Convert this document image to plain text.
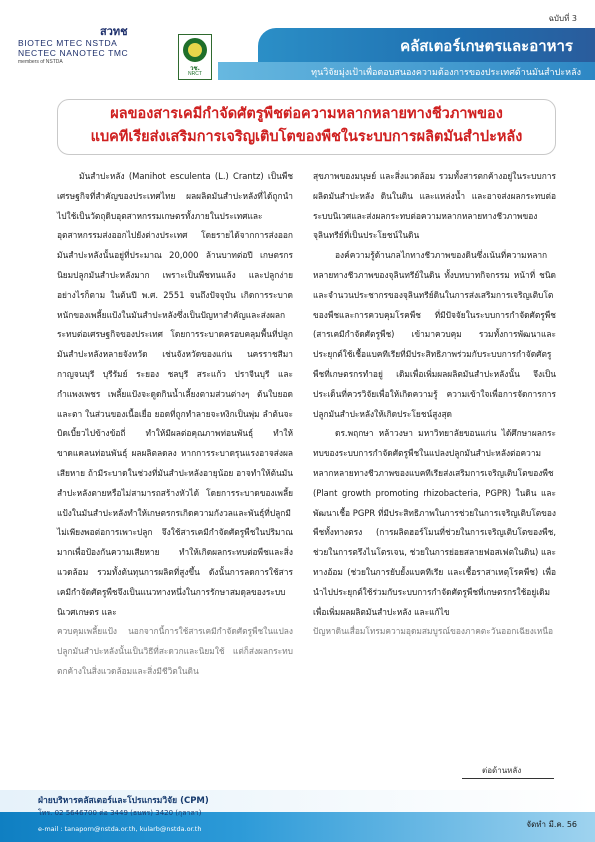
ฉบับที่ 3
สวทช
BIOTEC MTEC NSTDA
NECTEC NANOTEC TMC
members of NSTDA
วช.
NRCT
คลัสเตอร์เกษตรและอาหาร
ทุนวิจัยมุ่งเป้าเพื่อตอบสนองความต้องการของประเทศด้านมันสำปะหลัง
ผลของสารเคมีกำจัดศัตรูพืชต่อความหลากหลายทางชีวภาพของ
แบคทีเรียส่งเสริมการเจริญเติบโตของพืชในระบบการผลิตมันสำปะหลัง

มันสำปะหลัง (Manihot esculenta (L.) Crantz) เป็นพืชเศรษฐกิจที่สำคัญของประเทศไทย ผลผลิตมันสำปะหลังที่ได้ถูกนำไปใช้เป็นวัตถุดิบอุตสาหกรรมเกษตรทั้งภายในประเทศและอุตสาหกรรมส่งออกไปยังต่างประเทศ โดยรายได้จากการส่งออกมันสำปะหลังนั้นอยู่ที่ประมาณ 20,000 ล้านบาทต่อปี เกษตรกรนิยมปลูกมันสำปะหลังมาก เพราะเป็นพืชทนแล้ง และปลูกง่าย อย่างไรก็ตาม ในต้นปี พ.ศ. 2551 จนถึงปัจจุบัน เกิดการระบาดหนักของเพลี้ยแป้งในมันสำปะหลังซึ่งเป็นปัญหาสำคัญและส่งผลกระทบต่อเศรษฐกิจของประเทศ โดยการระบาดครอบคลุมพื้นที่ปลูกมันสำปะหลังหลายจังหวัด เช่นจังหวัดของแก่น นครราชสีมา กาญจนบุรี บุรีรัมย์ ระยอง ชลบุรี สระแก้ว ปราจีนบุรี และกำแพงเพชร เพลี้ยแป้งจะดูดกินน้ำเลี้ยงตามส่วนต่างๆ ต้นใบยอด และตา ในส่วนของเนื้อเยื่อ ยอดที่ถูกทำลายจะหงิกเป็นพุ่ม ลำต้นจะบิดเบี้ยวไปข้างข้อถี่ ทำให้มีผลต่อคุณภาพท่อนพันธุ์ ทำให้ขาดแคลนท่อนพันธุ์ ผลผลิตลดลง หากการระบาดรุนแรงอาจส่งผลเสียหาย ถ้ามีระบาดในช่วงที่มันสำปะหลังอายุน้อย อาจทำให้ต้นมันสำปะหลังตายหรือไม่สามารถสร้างหัวได้ โดยการระบาดของเพลี้ยแป้งในมันสำปะหลังทำให้เกษตรกรเกิดความกังวลและพันธุ์ที่ปลูกมีไม่เพียงพอต่อการเพาะปลูก จึงใช้สารเคมีกำจัดศัตรูพืชในปริมาณมากเพื่อป้องกันความเสียหาย ทำให้เกิดผลกระทบต่อพืชและสิ่งแวดล้อม รวมทั้งต้นทุนการผลิตที่สูงขึ้น ดังนั้นการลดการใช้สารเคมีกำจัดศัตรูพืชจึงเป็นแนวทางหนึ่งในการรักษาสมดุลของระบบนิเวศเกษตร และ

ควบคุมเพลี้ยแป้ง นอกจากนี้การใช้สารเคมีกำจัดศัตรูพืชในแปลงปลูกมันสำปะหลังนั้นเป็นวิธีที่สะดวกและนิยมใช้ แต่ก็ส่งผลกระทบตกค้างในสิ่งแวดล้อมและสิ่งมีชีวิตในดิน

สุขภาพของมนุษย์ และสิ่งแวดล้อม รวมทั้งสารตกค้างอยู่ในระบบการผลิตมันสำปะหลัง ดินในดิน และแหล่งน้ำ และอาจส่งผลกระทบต่อระบบนิเวศและส่งผลกระทบต่อความหลากหลายทางชีวภาพของจุลินทรีย์ที่เป็นประโยชน์ในดิน

องค์ความรู้ด้านกลไกทางชีวภาพของดินซึ่งเน้นที่ความหลากหลายทางชีวภาพของจุลินทรีย์ในดิน ทั้งบทบาทกิจกรรม หน้าที่ ชนิดและจำนวนประชากรของจุลินทรีย์ดินในการส่งเสริมการเจริญเติบโตของพืชและการควบคุมโรคพืช ที่มีปัจจัยในระบบการกำจัดศัตรูพืช (สารเคมีกำจัดศัตรูพืช) เข้ามาควบคุม รวมทั้งการพัฒนาและประยุกต์ใช้เชื้อแบคทีเรียที่มีประสิทธิภาพร่วมกับระบบการกำจัดศัตรูพืชที่เกษตรกรทำอยู่ เดิมเพื่อเพิ่มผลผลิตมันสำปะหลังนั้น จึงเป็นประเด็นที่ควรวิจัยเพื่อให้เกิดความรู้ ความเข้าใจเพื่อการจัดการการปลูกมันสำปะหลังให้เกิดประโยชน์สูงสุด

ดร.พฤกษา หล้าวงษา มหาวิทยาลัยขอนแก่น ได้ศึกษาผลกระทบของระบบการกำจัดศัตรูพืชในแปลงปลูกมันสำปะหลังต่อความหลากหลายทางชีวภาพของแบคทีเรียส่งเสริมการเจริญเติบโตของพืช (Plant growth promoting rhizobacteria, PGPR) ในดิน และพัฒนาเชื้อ PGPR ที่มีประสิทธิภาพในการช่วยในการเจริญเติบโตของพืชทั้งทางตรง (การผลิตฮอร์โมนที่ช่วยในการเจริญเติบโตของพืช, ช่วยในการตรึงไนโตรเจน, ช่วยในการย่อยสลายฟอสเฟตในดิน) และทางอ้อม (ช่วยในการยับยั้งแบคทีเรีย และเชื้อราสาเหตุโรคพืช) เพื่อนำไปประยุกต์ใช้ร่วมกับระบบการกำจัดศัตรูพืชที่เกษตรกรใช้อยู่เดิม เพื่อเพิ่มผลผลิตมันสำปะหลัง และแก้ไข

ปัญหาดินเสื่อมโทรมความอุดมสมบูรณ์ของภาคตะวันออกเฉียงเหนือ

ต่อด้านหลัง
ฝ่ายบริหารคลัสเตอร์และโปรแกรมวิจัย (CPM)
โทร. 02 5646700 ต่อ 3449 (ธนพร) 3420 (กุลาลา)
e-mail : tanaporn@nstda.or.th, kularb@nstda.or.th	จัดทำ มี.ค. 56
